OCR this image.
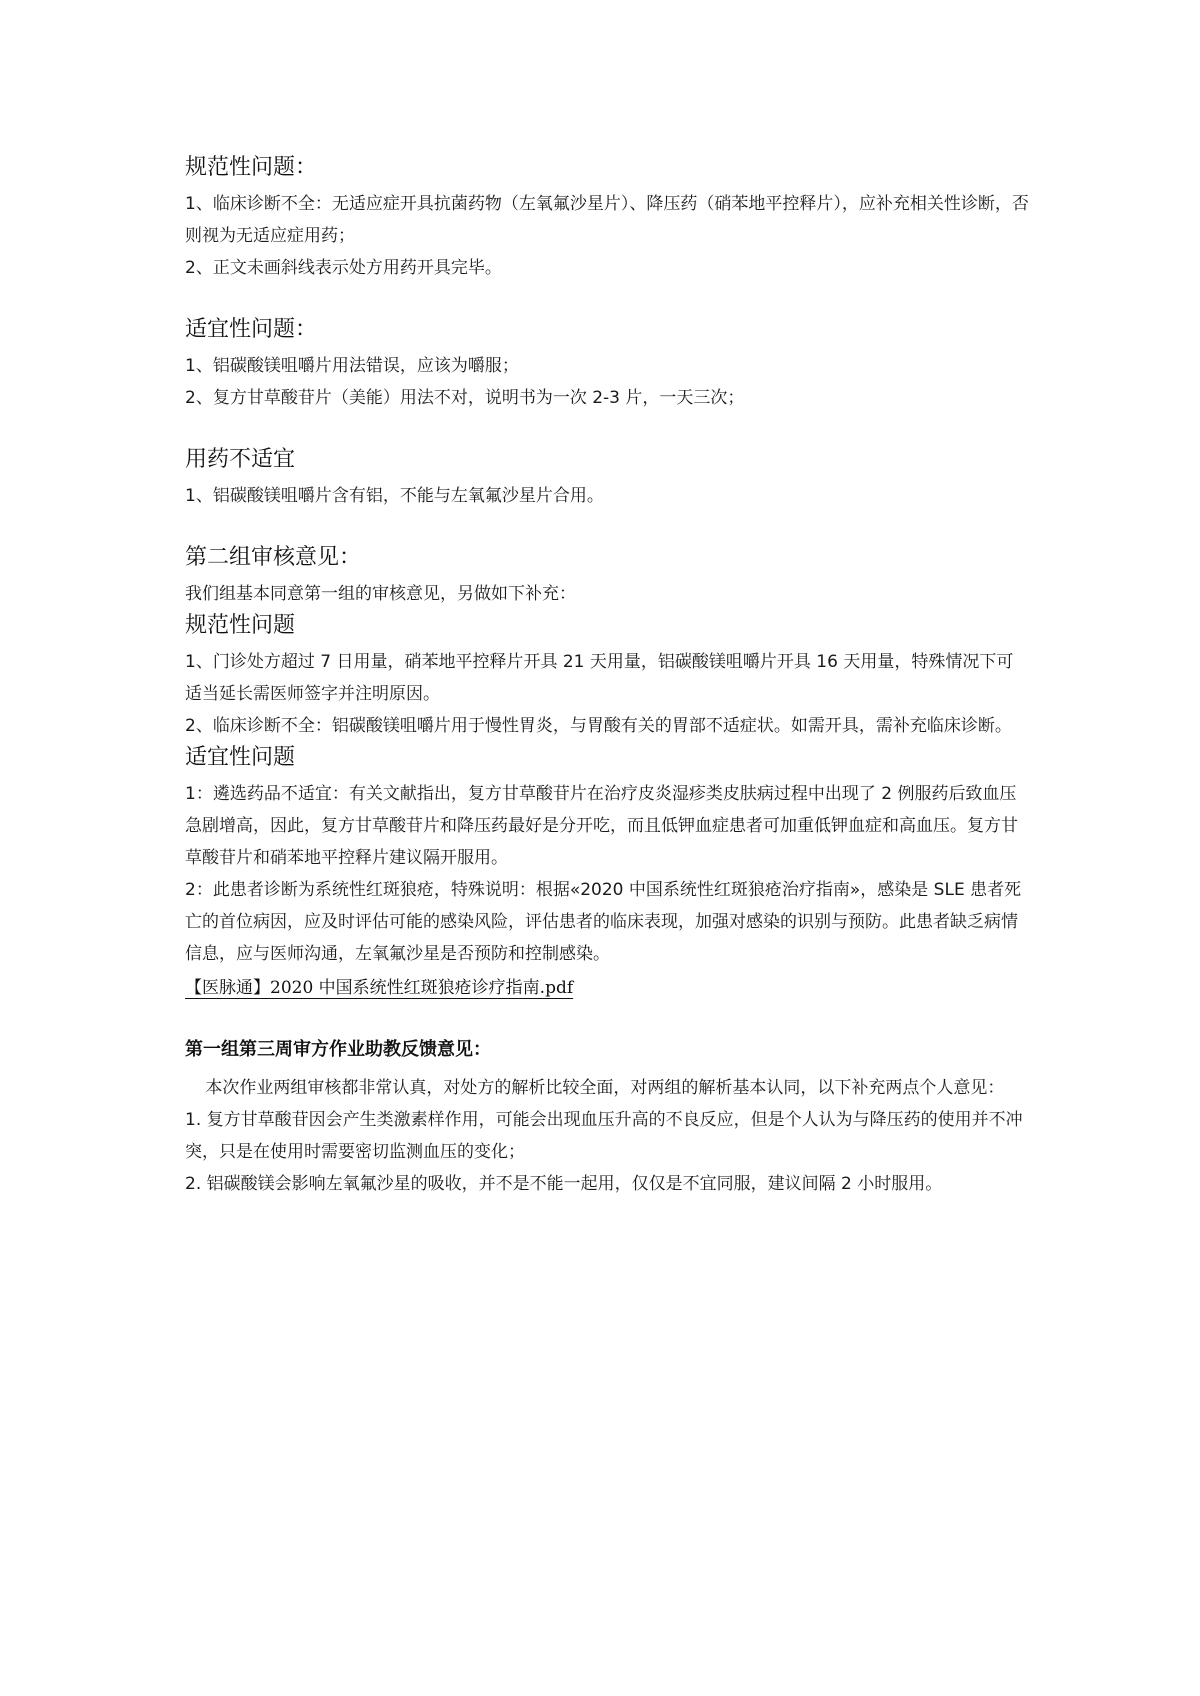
规范性问题：

1、临床诊断不全：无适应症开具抗菌药物（左氧氟沙星片）、降压药（硝苯地平控释片），应补充相关性诊断，否则视为无适应症用药；

2、正文未画斜线表示处方用药开具完毕。

适宜性问题：

1、铝碳酸镁咀嚼片用法错误，应该为嚼服；

2、复方甘草酸苷片（美能）用法不对，说明书为一次 2-3 片，一天三次；

用药不适宜

1、铝碳酸镁咀嚼片含有铝，不能与左氧氟沙星片合用。

第二组审核意见：

我们组基本同意第一组的审核意见，另做如下补充：

规范性问题

1、门诊处方超过 7 日用量，硝苯地平控释片开具 21 天用量，铝碳酸镁咀嚼片开具 16 天用量，特殊情况下可适当延长需医师签字并注明原因。

2、临床诊断不全：铝碳酸镁咀嚼片用于慢性胃炎，与胃酸有关的胃部不适症状。如需开具，需补充临床诊断。

适宜性问题

1：遴选药品不适宜：有关文献指出，复方甘草酸苷片在治疗皮炎湿疹类皮肤病过程中出现了 2 例服药后致血压急剧增高，因此，复方甘草酸苷片和降压药最好是分开吃，而且低钾血症患者可加重低钾血症和高血压。复方甘草酸苷片和硝苯地平控释片建议隔开服用。

2：此患者诊断为系统性红斑狼疮，特殊说明：根据«2020 中国系统性红斑狼疮治疗指南»，感染是 SLE 患者死亡的首位病因，应及时评估可能的感染风险，评估患者的临床表现，加强对感染的识别与预防。此患者缺乏病情信息，应与医师沟通，左氧氟沙星是否预防和控制感染。

【医脉通】2020 中国系统性红斑狼疮诊疗指南.pdf
第一组第三周审方作业助教反馈意见：

本次作业两组审核都非常认真，对处方的解析比较全面，对两组的解析基本认同，以下补充两点个人意见：

1. 复方甘草酸苷因会产生类激素样作用，可能会出现血压升高的不良反应，但是个人认为与降压药的使用并不冲突，只是在使用时需要密切监测血压的变化；

2. 铝碳酸镁会影响左氧氟沙星的吸收，并不是不能一起用，仅仅是不宜同服，建议间隔 2 小时服用。
